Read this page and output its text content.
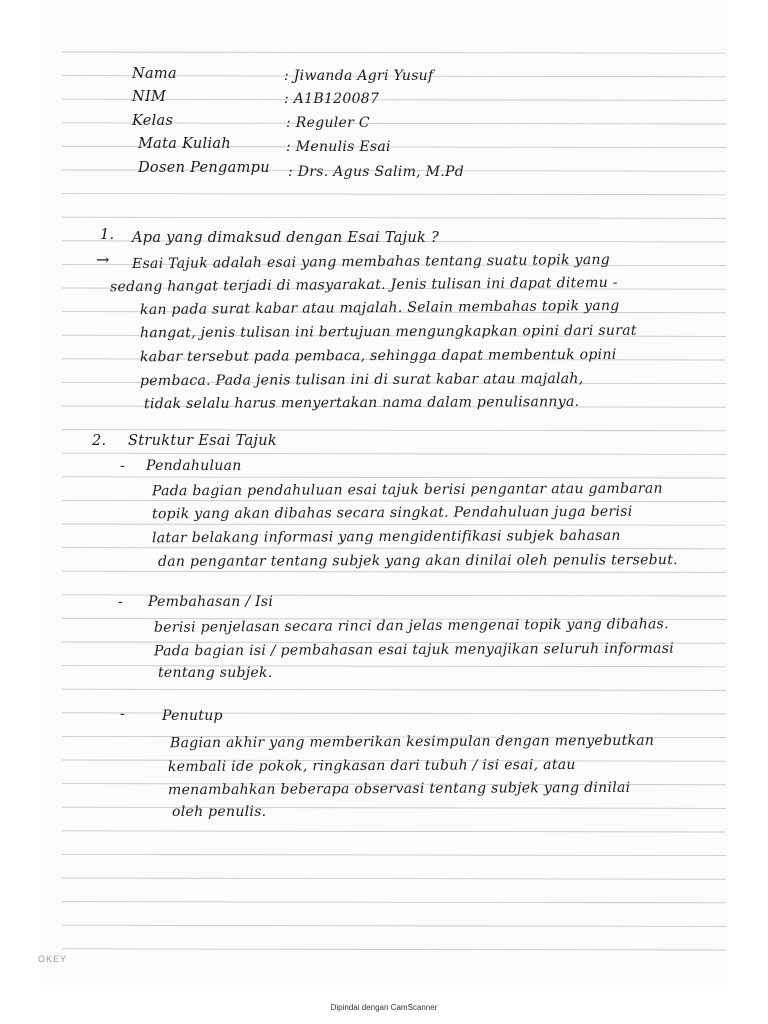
Nama	: Jiwanda Agri Yusuf
NIM	: A1B120087
Kelas	: Reguler C
Mata Kuliah	: Menulis Esai
Dosen Pengampu : Drs. Agus Salim, M.Pd
1. Apa yang dimaksud dengan Esai Tajuk ?
→ Esai Tajuk adalah esai yang membahas tentang suatu topik yang
sedang hangat terjadi di masyarakat. Jenis tulisan ini dapat ditemu -
kan pada surat kabar atau majalah. Selain membahas topik yang
hangat, jenis tulisan ini bertujuan mengungkapkan opini dari surat
kabar tersebut pada pembaca, sehingga dapat membentuk opini
pembaca. Pada jenis tulisan ini di surat kabar atau majalah,
tidak selalu harus menyertakan nama dalam penulisannya.
2. Struktur Esai Tajuk
- Pendahuluan
Pada bagian pendahuluan esai tajuk berisi pengantar atau gambaran
topik yang akan dibahas secara singkat. Pendahuluan juga berisi
latar belakang informasi yang mengidentifikasi subjek bahasan
dan pengantar tentang subjek yang akan dinilai oleh penulis tersebut.
- Pembahasan / Isi
berisi penjelasan secara rinci dan jelas mengenai topik yang dibahas.
Pada bagian isi / pembahasan esai tajuk menyajikan seluruh informasi
tentang subjek.
-	Penutup
Bagian akhir yang memberikan kesimpulan dengan menyebutkan
kembali ide pokok, ringkasan dari tubuh / isi esai, atau
menambahkan beberapa observasi tentang subjek yang dinilai
oleh penulis.
OKEY
Dipindai dengan CamScanner
